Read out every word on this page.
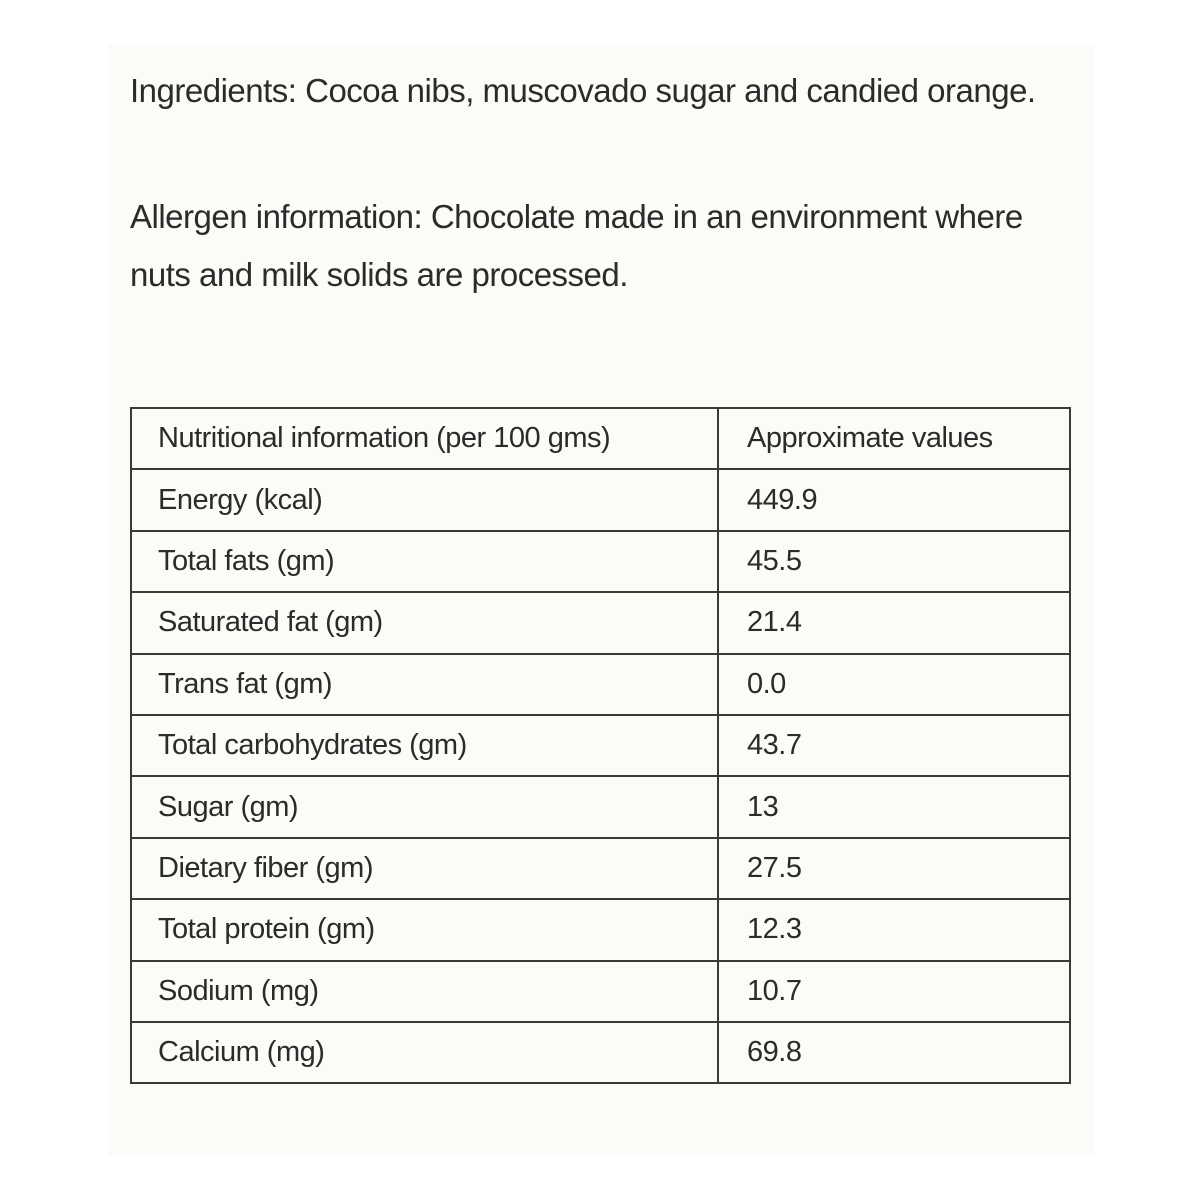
Ingredients: Cocoa nibs, muscovado sugar and candied orange.
Allergen information: Chocolate made in an environment where nuts and milk solids are processed.
Nutritional information (per 100 gms)	Approximate values
Energy (kcal)	449.9
Total fats (gm)	45.5
Saturated fat (gm)	21.4
Trans fat (gm)	0.0
Total carbohydrates (gm)	43.7
Sugar (gm)	13
Dietary fiber (gm)	27.5
Total protein (gm)	12.3
Sodium (mg)	10.7
Calcium (mg)	69.8
